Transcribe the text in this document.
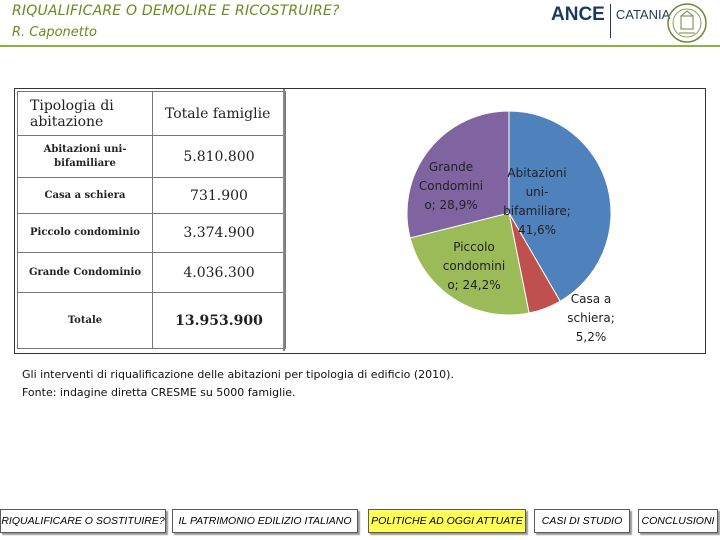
RIQUALIFICARE O DEMOLIRE E RICOSTRUIRE?
R. Caponetto
ANCE CATANIA
Tipologia di abitazione	Totale famiglie
Abitazioni uni-bifamiliare	5.810.800
Casa a schiera	731.900
Piccolo condominio	3.374.900
Grande Condominio	4.036.300
Totale	13.953.900
Abitazioni uni-bifamiliare; 41,6%
Casa a schiera; 5,2%
Piccolo condomini o; 24,2%
Grande Condomini o; 28,9%
Gli interventi di riqualificazione delle abitazioni per tipologia di edificio (2010).
Fonte: indagine diretta CRESME su 5000 famiglie.
RIQUALIFICARE O SOSTITUIRE?	IL PATRIMONIO EDILIZIO ITALIANO	POLITICHE AD OGGI ATTUATE	CASI DI STUDIO	CONCLUSIONI
